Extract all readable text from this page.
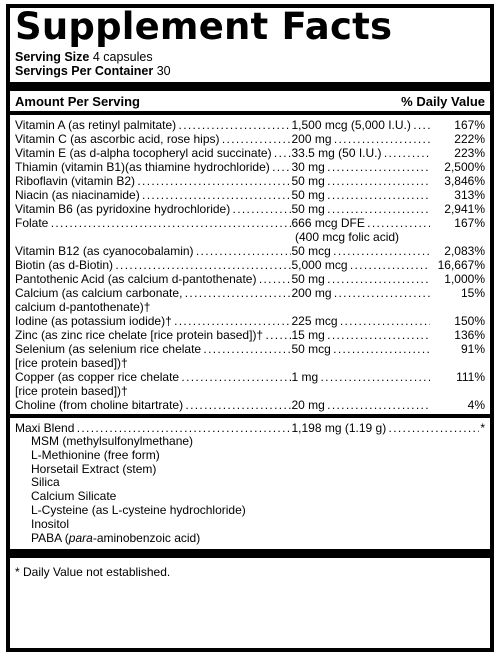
Supplement Facts
Serving Size 4 capsules
Servings Per Container 30
Amount Per Serving	% Daily Value
Vitamin A (as retinyl palmitate) . . .	1,500 mcg (5,000 I.U.) . . .	167%
Vitamin C (as ascorbic acid, rose hips) . . .	200 mg . . .	222%
Vitamin E (as d-alpha tocopheryl acid succinate) . . .	33.5 mg (50 I.U.) . . .	223%
Thiamin (vitamin B1)(as thiamine hydrochloride) . . .	30 mg . . .	2,500%
Riboflavin (vitamin B2) . . .	50 mg . . .	3,846%
Niacin (as niacinamide) . . .	50 mg . . .	313%
Vitamin B6 (as pyridoxine hydrochloride) . . .	50 mg . . .	2,941%
Folate . . .	666 mcg DFE . . .	167%
(400 mcg folic acid)
Vitamin B12 (as cyanocobalamin) . . .	50 mcg . . .	2,083%
Biotin (as d-Biotin) . . .	5,000 mcg . . .	16,667%
Pantothenic Acid (as calcium d-pantothenate) . . .	50 mg . . .	1,000%
Calcium (as calcium carbonate, . . .	200 mg . . .	15%
calcium d-pantothenate)†
Iodine (as potassium iodide)† . . .	225 mcg . . .	150%
Zinc (as zinc rice chelate [rice protein based])† . . .	15 mg . . .	136%
Selenium (as selenium rice chelate . . .	50 mcg . . .	91%
[rice protein based])†
Copper (as copper rice chelate . . .	1 mg . . .	111%
[rice protein based])†
Choline (from choline bitartrate) . . .	20 mg . . .	4%
Maxi Blend . . .	1,198 mg (1.19 g) . . .	*
MSM (methylsulfonylmethane)
L-Methionine (free form)
Horsetail Extract (stem)
Silica
Calcium Silicate
L-Cysteine (as L-cysteine hydrochloride)
Inositol
PABA (para-aminobenzoic acid)
* Daily Value not established.
